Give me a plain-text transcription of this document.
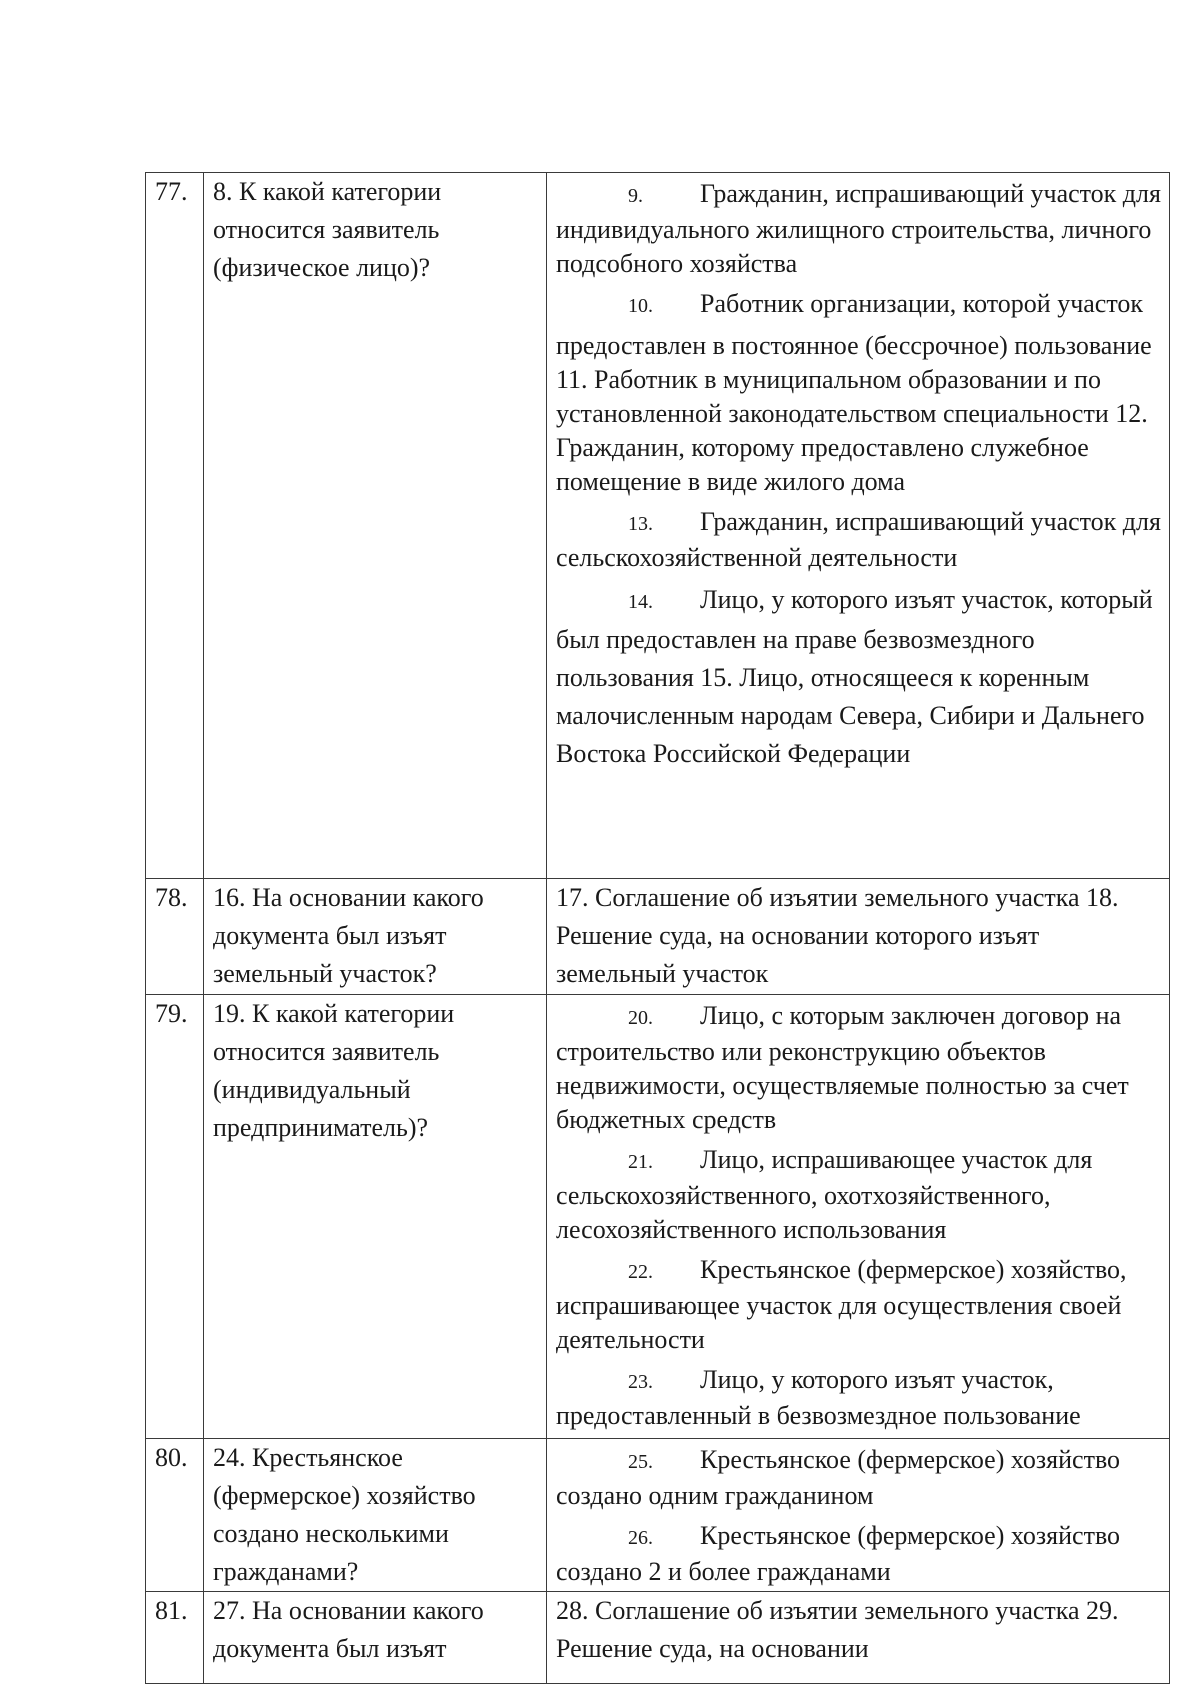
77.	8. К какой категории относится заявитель (физическое лицо)?	9. Гражданин, испрашивающий участок для индивидуального жилищного строительства, личного подсобного хозяйства
10. Работник организации, которой участок
предоставлен в постоянное (бессрочное) пользование 11. Работник в муниципальном образовании и по установленной законодательством специальности 12. Гражданин, которому предоставлено служебное помещение в виде жилого дома
13. Гражданин, испрашивающий участок для сельскохозяйственной деятельности
14. Лицо, у которого изъят участок, который был предоставлен на праве безвозмездного пользования 15. Лицо, относящееся к коренным малочисленным народам Севера, Сибири и Дальнего Востока Российской Федерации

78.	16. На основании какого документа был изъят земельный участок?	17. Соглашение об изъятии земельного участка 18. Решение суда, на основании которого изъят земельный участок

79.	19. К какой категории относится заявитель (индивидуальный предприниматель)?	20. Лицо, с которым заключен договор на строительство или реконструкцию объектов недвижимости, осуществляемые полностью за счет бюджетных средств
21. Лицо, испрашивающее участок для сельскохозяйственного, охотхозяйственного, лесохозяйственного использования
22. Крестьянское (фермерское) хозяйство, испрашивающее участок для осуществления своей деятельности
23. Лицо, у которого изъят участок, предоставленный в безвозмездное пользование

80.	24. Крестьянское (фермерское) хозяйство создано несколькими гражданами?	25. Крестьянское (фермерское) хозяйство создано одним гражданином
26. Крестьянское (фермерское) хозяйство создано 2 и более гражданами

81.	27. На основании какого документа был изъят	28. Соглашение об изъятии земельного участка 29. Решение суда, на основании
